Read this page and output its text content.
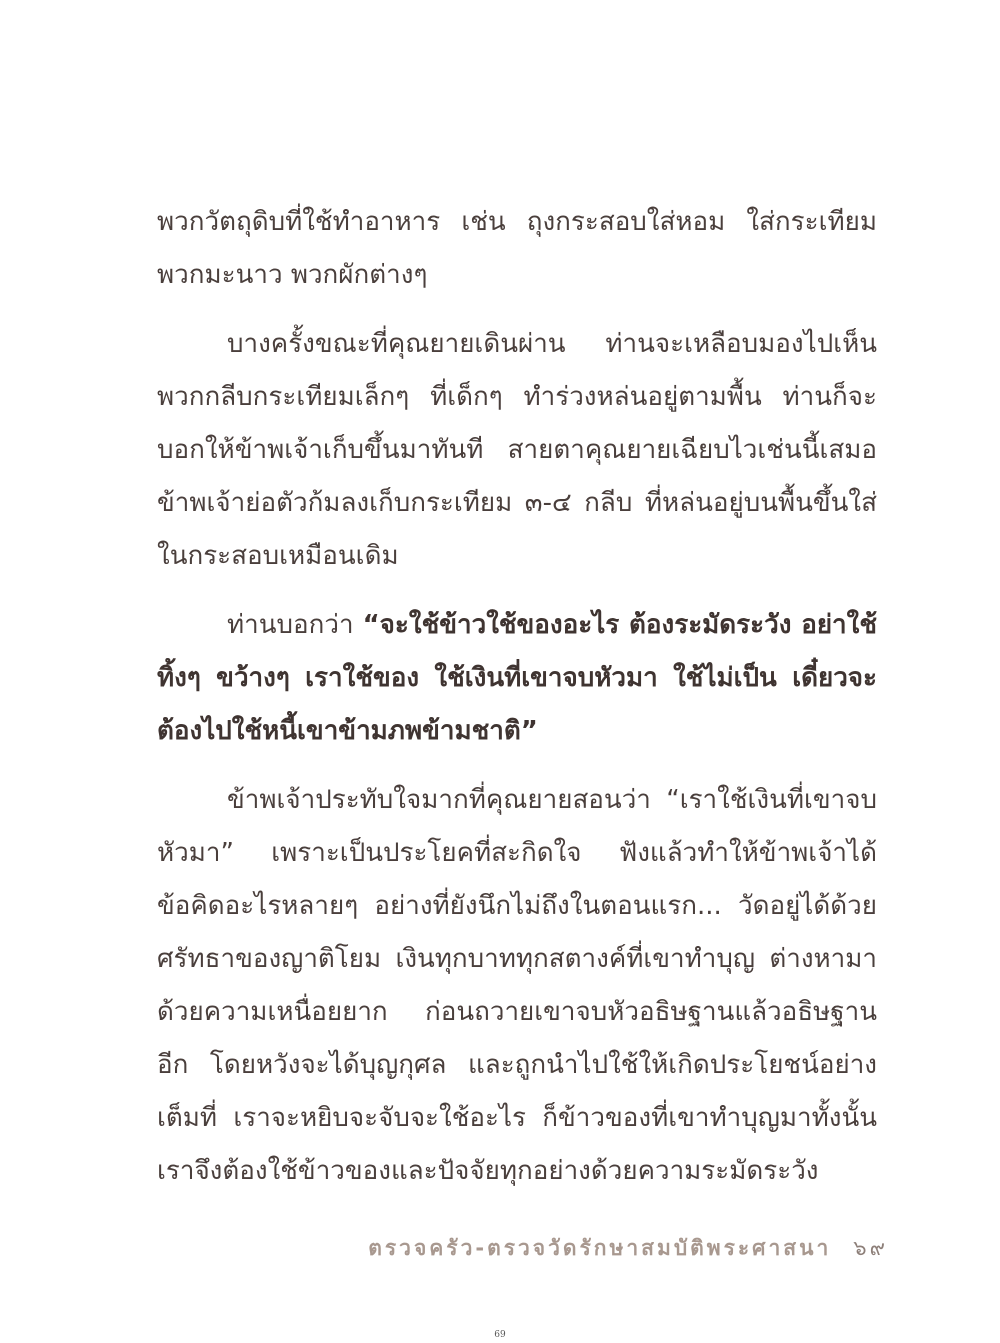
พวกวัตถุดิบที่ใช้ทำอาหาร เช่น ถุงกระสอบใส่หอม ใส่กระเทียม พวกมะนาว พวกผักต่างๆ

บางครั้งขณะที่คุณยายเดินผ่าน ท่านจะเหลือบมองไปเห็นพวกกลีบกระเทียมเล็กๆ ที่เด็กๆ ทำร่วงหล่นอยู่ตามพื้น ท่านก็จะบอกให้ข้าพเจ้าเก็บขึ้นมาทันที สายตาคุณยายเฉียบไวเช่นนี้เสมอ ข้าพเจ้าย่อตัวก้มลงเก็บกระเทียม ๓-๔ กลีบ ที่หล่นอยู่บนพื้นขึ้นใส่ในกระสอบเหมือนเดิม

ท่านบอกว่า “จะใช้ข้าวใช้ของอะไร ต้องระมัดระวัง อย่าใช้ทิ้งๆ ขว้างๆ เราใช้ของ ใช้เงินที่เขาจบหัวมา ใช้ไม่เป็น เดี๋ยวจะต้องไปใช้หนี้เขาข้ามภพข้ามชาติ”

ข้าพเจ้าประทับใจมากที่คุณยายสอนว่า “เราใช้เงินที่เขาจบหัวมา” เพราะเป็นประโยคที่สะกิดใจ ฟังแล้วทำให้ข้าพเจ้าได้ข้อคิดอะไรหลายๆ อย่างที่ยังนึกไม่ถึงในตอนแรก... วัดอยู่ได้ด้วยศรัทธาของญาติโยม เงินทุกบาททุกสตางค์ที่เขาทำบุญ ต่างหามาด้วยความเหนื่อยยาก ก่อนถวายเขาจบหัวอธิษฐานแล้วอธิษฐานอีก โดยหวังจะได้บุญกุศล และถูกนำไปใช้ให้เกิดประโยชน์อย่างเต็มที่ เราจะหยิบจะจับจะใช้อะไร ก็ข้าวของที่เขาทำบุญมาทั้งนั้น เราจึงต้องใช้ข้าวของและปัจจัยทุกอย่างด้วยความระมัดระวัง

ตรวจครัว-ตรวจวัดรักษาสมบัติพระศาสนา ๖๙
69
